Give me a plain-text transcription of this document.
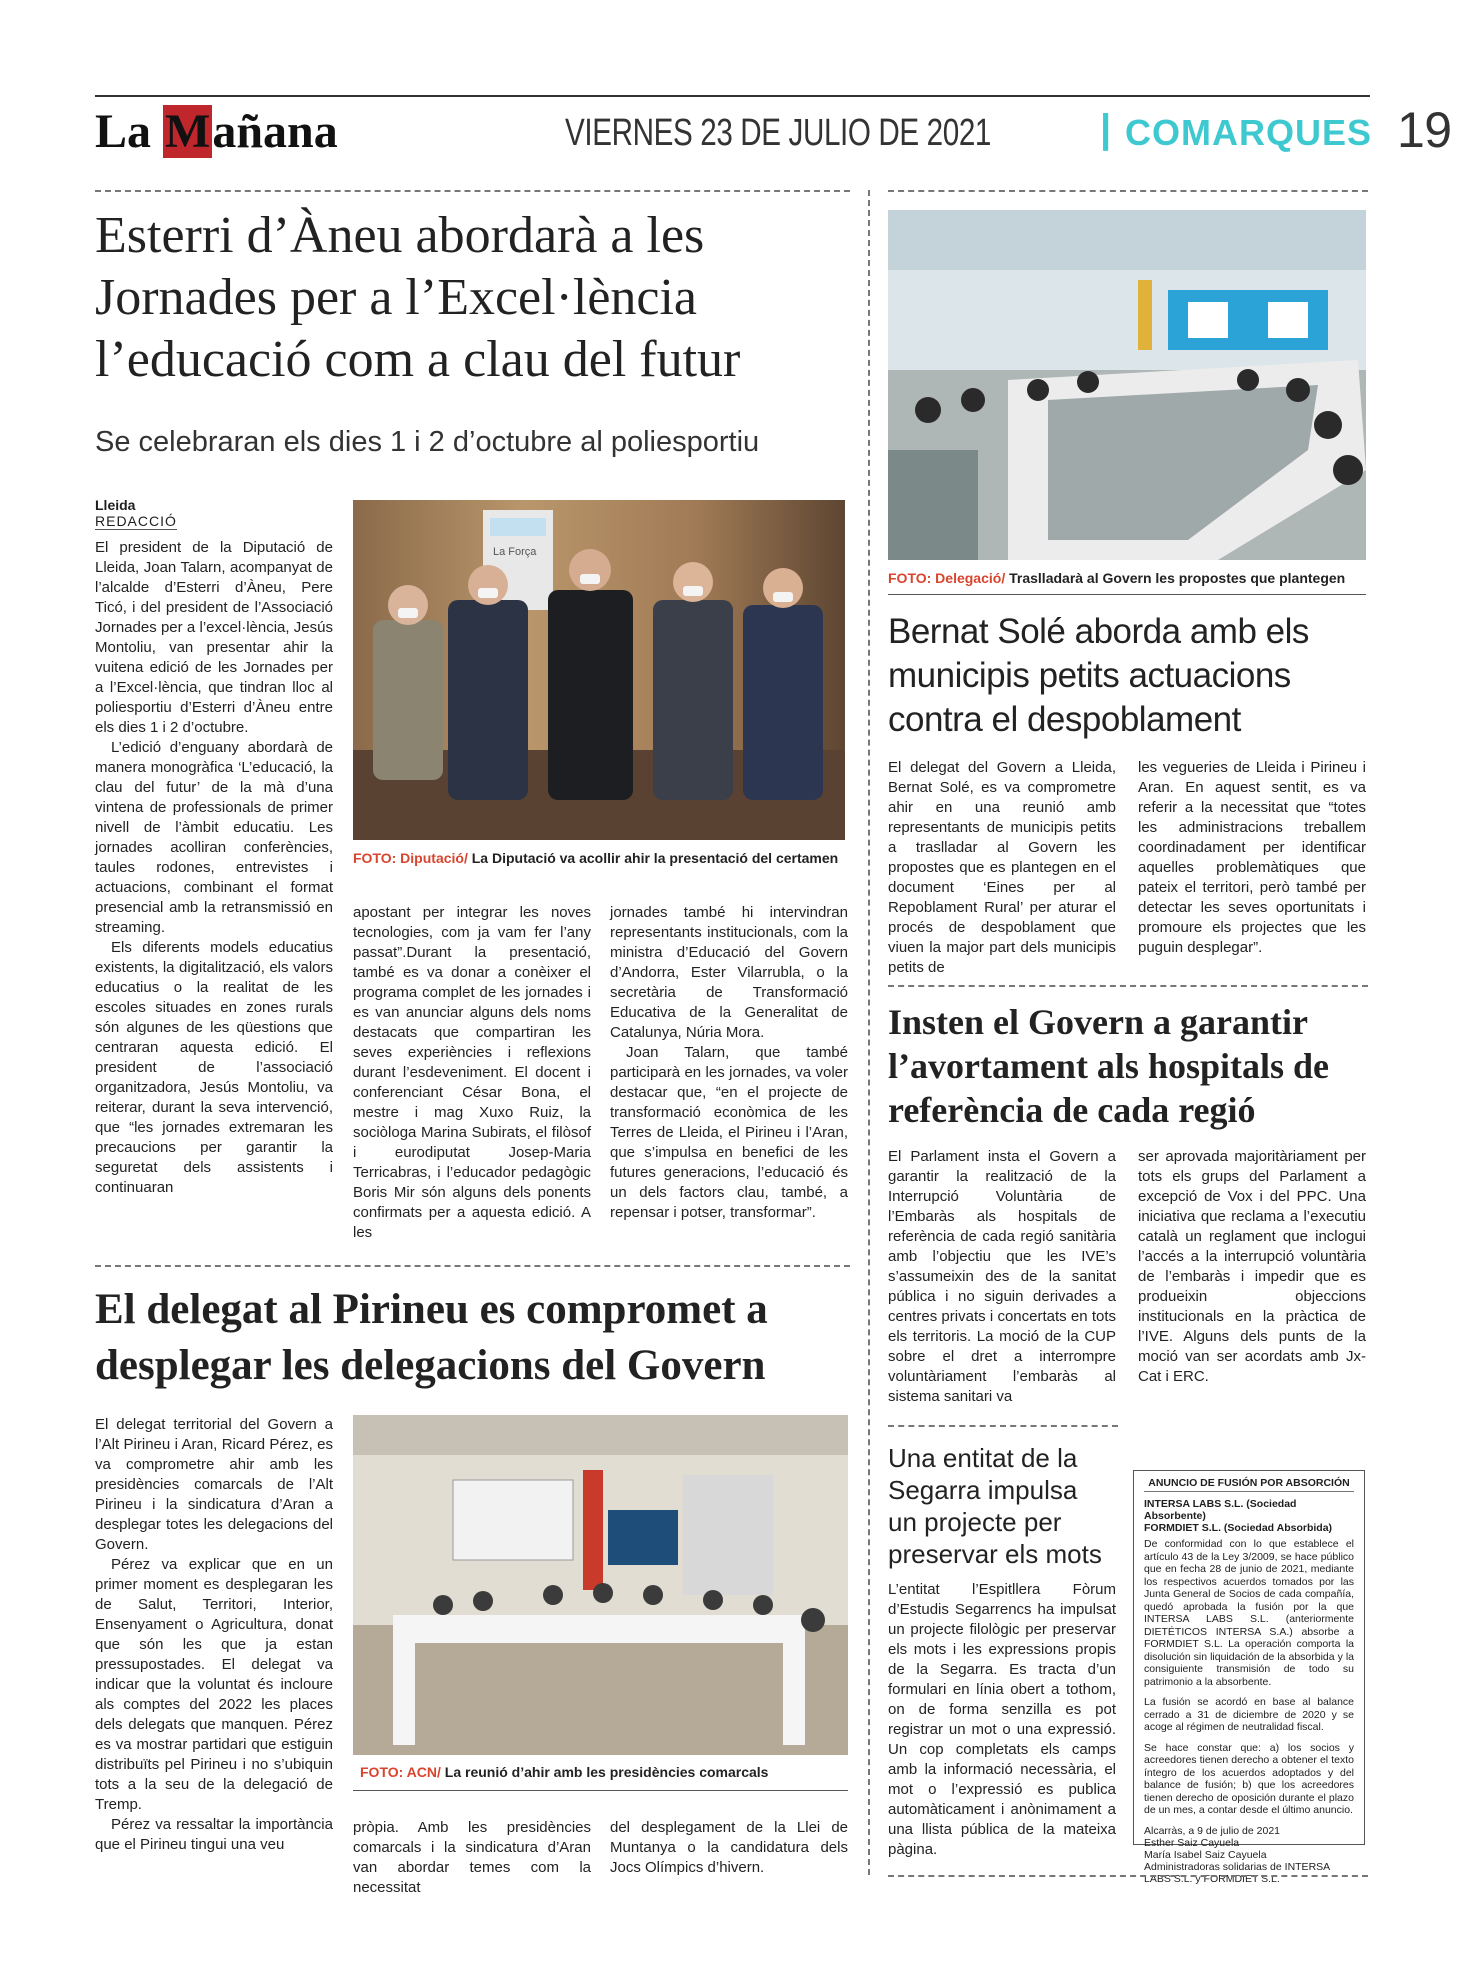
La Mañana	VIERNES 23 DE JULIO DE 2021	| COMARQUES 19
Esterri d’Àneu abordarà a les Jornades per a l’Excel·lència l’educació com a clau del futur
Se celebraran els dies 1 i 2 d’octubre al poliesportiu
Lleida
REDACCIÓ

El president de la Diputació de Lleida, Joan Talarn, acompanyat de l’alcalde d’Esterri d’Àneu, Pere Ticó, i del president de l’Associació Jornades per a l’excel·lència, Jesús Montoliu, van presentar ahir la vuitena edició de les Jornades per a l’Excel·lència, que tindran lloc al poliesportiu d’Esterri d’Àneu entre els dies 1 i 2 d’octubre.

L’edició d’enguany abordarà de manera monogràfica ‘L’educació, la clau del futur’ de la mà d’una vintena de professionals de primer nivell de l’àmbit educatiu. Les jornades acolliran conferències, taules rodones, entrevistes i actuacions, combinant el format presencial amb la retransmissió en streaming.

Els diferents models educatius existents, la digitalització, els valors educatius o la realitat de les escoles situades en zones rurals són algunes de les qüestions que centraran aquesta edició. El president de l’associació organitzadora, Jesús Montoliu, va reiterar, durant la seva intervenció, que “les jornades extremaran les precaucions per garantir la seguretat dels assistents i continuaran

La Força
FOTO: Diputació/ La Diputació va acollir ahir la presentació del certamen

apostant per integrar les noves tecnologies, com ja vam fer l’any passat”.Durant la presentació, també es va donar a conèixer el programa complet de les jornades i es van anunciar alguns dels noms destacats que compartiran les seves experiències i reflexions durant l’esdeveniment. El docent i conferenciant César Bona, el mestre i mag Xuxo Ruiz, la sociòloga Marina Subirats, el filòsof i eurodiputat Josep-Maria Terricabras, i l’educador pedagògic Boris Mir són alguns dels ponents confirmats per a aquesta edició. A les

jornades també hi intervindran representants institucionals, com la ministra d’Educació del Govern d’Andorra, Ester Vilarrubla, o la secretària de Transformació Educativa de la Generalitat de Catalunya, Núria Mora.

Joan Talarn, que també participarà en les jornades, va voler destacar que, “en el projecte de transformació econòmica de les Terres de Lleida, el Pirineu i l’Aran, que s’impulsa en benefici de les futures generacions, l’educació és un dels factors clau, també, a repensar i potser, transformar”.

El delegat al Pirineu es compromet a desplegar les delegacions del Govern

El delegat territorial del Govern a l’Alt Pirineu i Aran, Ricard Pérez, es va comprometre ahir amb les presidències comarcals de l’Alt Pirineu i la sindicatura d’Aran a desplegar totes les delegacions del Govern.

Pérez va explicar que en un primer moment es desplegaran les de Salut, Territori, Interior, Ensenyament o Agricultura, donat que són les que ja estan pressupostades. El delegat va indicar que la voluntat és incloure als comptes del 2022 les places dels delegats que manquen. Pérez es va mostrar partidari que estiguin distribuïts pel Pirineu i no s’ubiquin tots a la seu de la delegació de Tremp.

Pérez va ressaltar la importància que el Pirineu tingui una veu

FOTO: ACN/ La reunió d’ahir amb les presidències comarcals

pròpia. Amb les presidències comarcals i la sindicatura d’Aran van abordar temes com la necessitat

del desplegament de la Llei de Muntanya o la candidatura dels Jocs Olímpics d’hivern.

FOTO: Delegació/ Traslladarà al Govern les propostes que plantegen
Bernat Solé aborda amb els municipis petits actuacions contra el despoblament

El delegat del Govern a Lleida, Bernat Solé, es va comprometre ahir en una reunió amb representants de municipis petits a traslladar al Govern les propostes que es plantegen en el document ‘Eines per al Repoblament Rural’ per aturar el procés de despoblament que viuen la major part dels municipis petits de

les vegueries de Lleida i Pirineu i Aran. En aquest sentit, es va referir a la necessitat que “totes les administracions treballem coordinadament per identificar aquelles problemàtiques que pateix el territori, però també per detectar les seves oportunitats i promoure els projectes que les puguin desplegar”.

Insten el Govern a garantir l’avortament als hospitals de referència de cada regió

El Parlament insta el Govern a garantir la realització de la Interrupció Voluntària de l’Embaràs als hospitals de referència de cada regió sanitària amb l’objectiu que les IVE’s s’assumeixin des de la sanitat pública i no siguin derivades a centres privats i concertats en tots els territoris. La moció de la CUP sobre el dret a interrompre voluntàriament l’embaràs al sistema sanitari va

ser aprovada majoritàriament per tots els grups del Parlament a excepció de Vox i del PPC. Una iniciativa que reclama a l’executiu català un reglament que inclogui l’accés a la interrupció voluntària de l’embaràs i impedir que es produeixin objeccions institucionals en la pràctica de l’IVE. Alguns dels punts de la moció van ser acordats amb Jx-Cat i ERC.

Una entitat de la Segarra impulsa un projecte per preservar els mots

L’entitat l’Espitllera Fòrum d’Estudis Segarrencs ha impulsat un projecte filològic per preservar els mots i les expressions propis de la Segarra. Es tracta d’un formulari en línia obert a tothom, on de forma senzilla es pot registrar un mot o una expressió. Un cop completats els camps amb la informació necessària, el mot o l’expressió es publica automàticament i anònimament a una llista pública de la mateixa pàgina.

ANUNCIO DE FUSIÓN POR ABSORCIÓN
INTERSA LABS S.L. (Sociedad Absorbente)
FORMDIET S.L. (Sociedad Absorbida)

De conformidad con lo que establece el artículo 43 de la Ley 3/2009, se hace público que en fecha 28 de junio de 2021, mediante los respectivos acuerdos tomados por las Junta General de Socios de cada compañía, quedó aprobada la fusión por la que INTERSA LABS S.L. (anteriormente DIETÉTICOS INTERSA S.A.) absorbe a FORMDIET S.L. La operación comporta la disolución sin liquidación de la absorbida y la consiguiente transmisión de todo su patrimonio a la absorbente.

La fusión se acordó en base al balance cerrado a 31 de diciembre de 2020 y se acoge al régimen de neutralidad fiscal.

Se hace constar que: a) los socios y acreedores tienen derecho a obtener el texto íntegro de los acuerdos adoptados y del balance de fusión; b) que los acreedores tienen derecho de oposición durante el plazo de un mes, a contar desde el último anuncio.

Alcarràs, a 9 de julio de 2021
Esther Saiz Cayuela
María Isabel Saiz Cayuela
Administradoras solidarias de INTERSA LABS S.L. y FORMDIET S.L.
